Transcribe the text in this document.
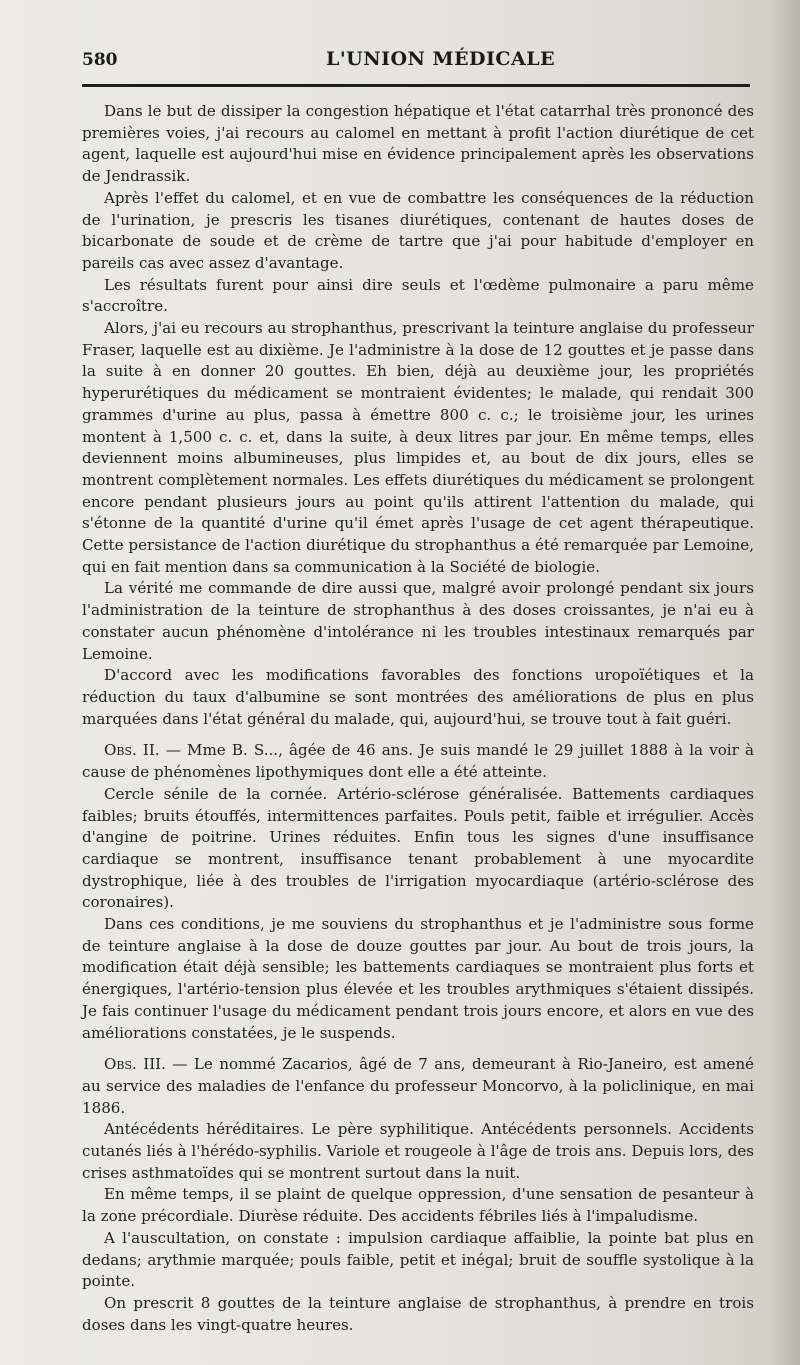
580	L'UNION MÉDICALE

Dans le but de dissiper la congestion hépatique et l'état catarrhal très prononcé des premières voies, j'ai recours au calomel en mettant à profit l'action diurétique de cet agent, laquelle est aujourd'hui mise en évidence principalement après les observations de Jendrassik.

Après l'effet du calomel, et en vue de combattre les conséquences de la réduction de l'urination, je prescris les tisanes diurétiques, contenant de hautes doses de bicarbonate de soude et de crème de tartre que j'ai pour habitude d'employer en pareils cas avec assez d'avantage.

Les résultats furent pour ainsi dire seuls et l'œdème pulmonaire a paru même s'accroître.

Alors, j'ai eu recours au strophanthus, prescrivant la teinture anglaise du professeur Fraser, laquelle est au dixième. Je l'administre à la dose de 12 gouttes et je passe dans la suite à en donner 20 gouttes. Eh bien, déjà au deuxième jour, les propriétés hyperurétiques du médicament se montraient évidentes; le malade, qui rendait 300 grammes d'urine au plus, passa à émettre 800 c. c.; le troisième jour, les urines montent à 1,500 c. c. et, dans la suite, à deux litres par jour. En même temps, elles deviennent moins albumineuses, plus limpides et, au bout de dix jours, elles se montrent complètement normales. Les effets diurétiques du médicament se prolongent encore pendant plusieurs jours au point qu'ils attirent l'attention du malade, qui s'étonne de la quantité d'urine qu'il émet après l'usage de cet agent thérapeutique. Cette persistance de l'action diurétique du strophanthus a été remarquée par Lemoine, qui en fait mention dans sa communication à la Société de biologie.

La vérité me commande de dire aussi que, malgré avoir prolongé pendant six jours l'administration de la teinture de strophanthus à des doses croissantes, je n'ai eu à constater aucun phénomène d'intolérance ni les troubles intestinaux remarqués par Lemoine.

D'accord avec les modifications favorables des fonctions uropoïétiques et la réduction du taux d'albumine se sont montrées des améliorations de plus en plus marquées dans l'état général du malade, qui, aujourd'hui, se trouve tout à fait guéri.

Obs. II. — Mme B. S..., âgée de 46 ans. Je suis mandé le 29 juillet 1888 à la voir à cause de phénomènes lipothymiques dont elle a été atteinte.

Cercle sénile de la cornée. Artério-sclérose généralisée. Battements cardiaques faibles; bruits étouffés, intermittences parfaites. Pouls petit, faible et irrégulier. Accès d'angine de poitrine. Urines réduites. Enfin tous les signes d'une insuffisance cardiaque se montrent, insuffisance tenant probablement à une myocardite dystrophique, liée à des troubles de l'irrigation myocardiaque (artério-sclérose des coronaires).

Dans ces conditions, je me souviens du strophanthus et je l'administre sous forme de teinture anglaise à la dose de douze gouttes par jour. Au bout de trois jours, la modification était déjà sensible; les battements cardiaques se montraient plus forts et énergiques, l'artério-tension plus élevée et les troubles arythmiques s'étaient dissipés. Je fais continuer l'usage du médicament pendant trois jours encore, et alors en vue des améliorations constatées, je le suspends.

Obs. III. — Le nommé Zacarios, âgé de 7 ans, demeurant à Rio-Janeiro, est amené au service des maladies de l'enfance du professeur Moncorvo, à la policlinique, en mai 1886.

Antécédents héréditaires. Le père syphilitique. Antécédents personnels. Accidents cutanés liés à l'hérédo-syphilis. Variole et rougeole à l'âge de trois ans. Depuis lors, des crises asthmatoïdes qui se montrent surtout dans la nuit.

En même temps, il se plaint de quelque oppression, d'une sensation de pesanteur à la zone précordiale. Diurèse réduite. Des accidents fébriles liés à l'impaludisme.

A l'auscultation, on constate : impulsion cardiaque affaiblie, la pointe bat plus en dedans; arythmie marquée; pouls faible, petit et inégal; bruit de souffle systolique à la pointe.

On prescrit 8 gouttes de la teinture anglaise de strophanthus, à prendre en trois doses dans les vingt-quatre heures.
